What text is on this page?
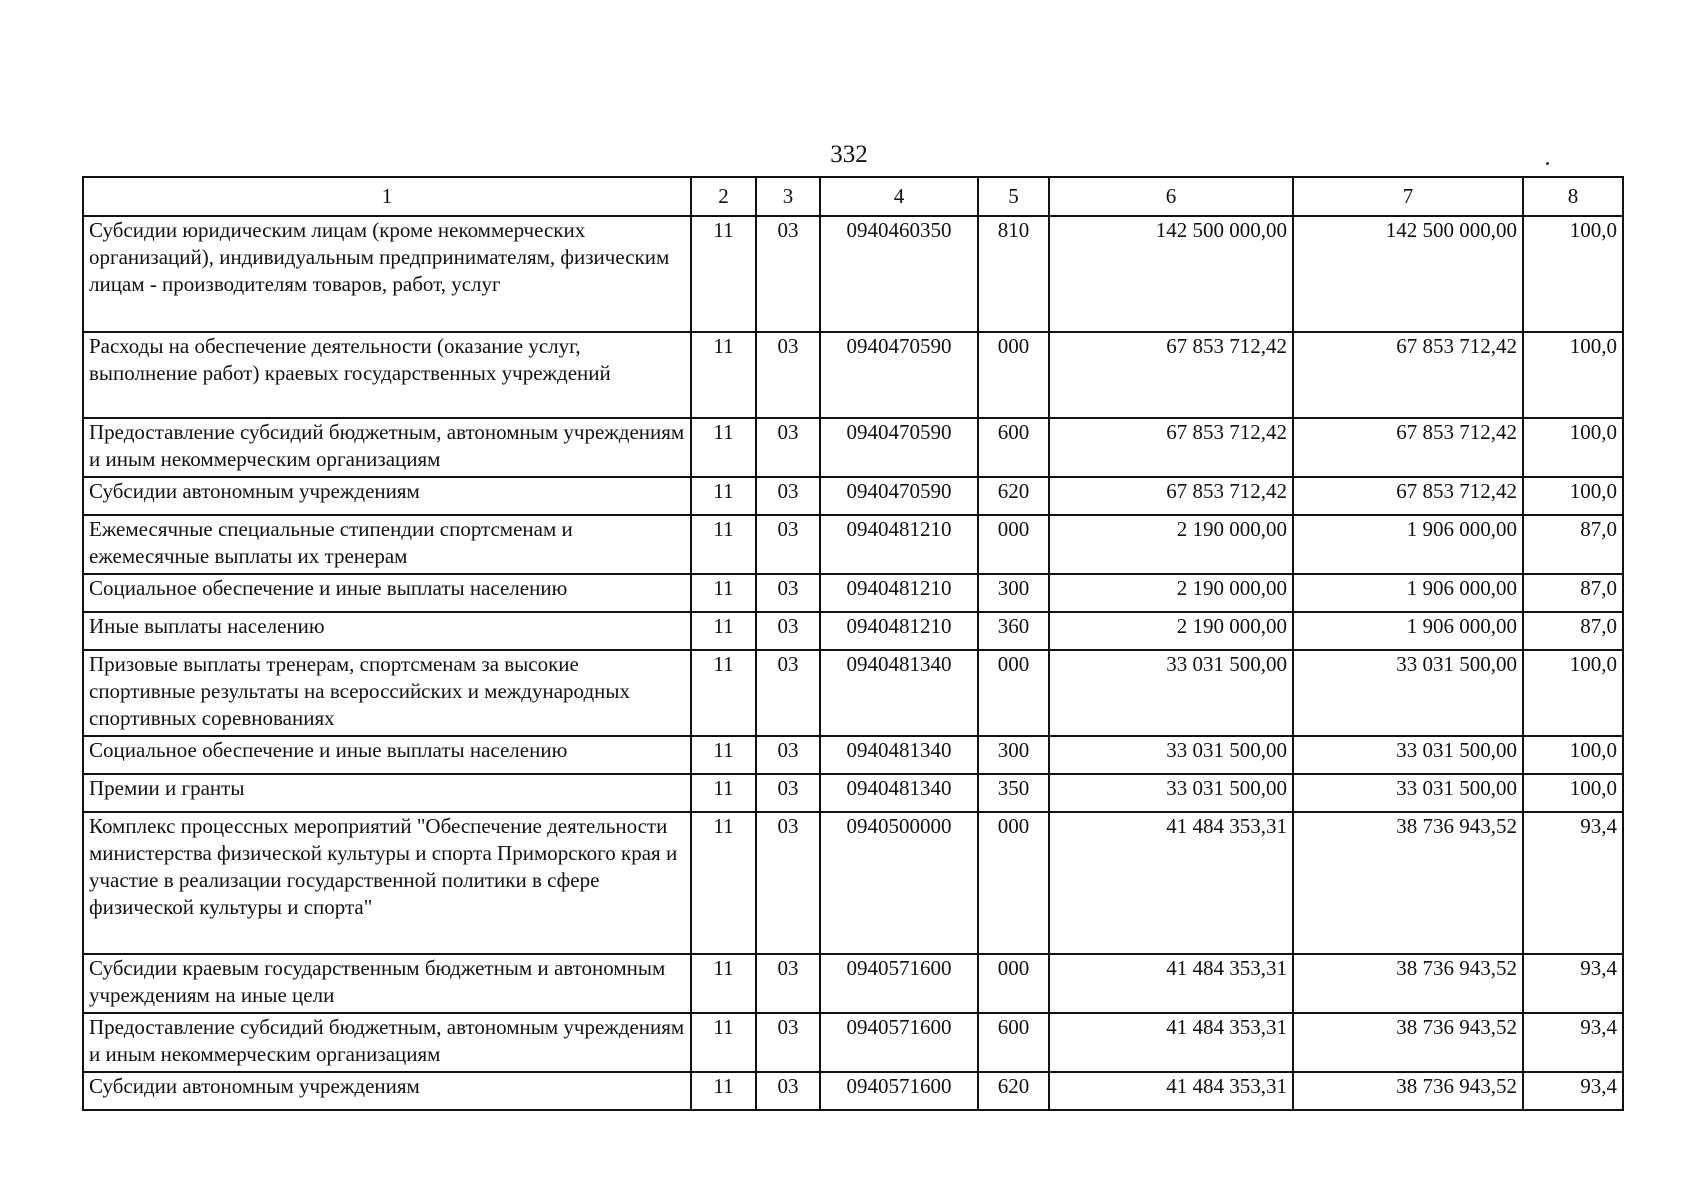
332
1	2	3	4	5	6	7	8
Субсидии юридическим лицам (кроме некоммерческих организаций), индивидуальным предпринимателям, физическим лицам - производителям товаров, работ, услуг	11	03	0940460350	810	142 500 000,00	142 500 000,00	100,0
Расходы на обеспечение деятельности (оказание услуг, выполнение работ) краевых государственных учреждений	11	03	0940470590	000	67 853 712,42	67 853 712,42	100,0
Предоставление субсидий бюджетным, автономным учреждениям и иным некоммерческим организациям	11	03	0940470590	600	67 853 712,42	67 853 712,42	100,0
Субсидии автономным учреждениям	11	03	0940470590	620	67 853 712,42	67 853 712,42	100,0
Ежемесячные специальные стипендии спортсменам и ежемесячные выплаты их тренерам	11	03	0940481210	000	2 190 000,00	1 906 000,00	87,0
Социальное обеспечение и иные выплаты населению	11	03	0940481210	300	2 190 000,00	1 906 000,00	87,0
Иные выплаты населению	11	03	0940481210	360	2 190 000,00	1 906 000,00	87,0
Призовые выплаты тренерам, спортсменам за высокие спортивные результаты на всероссийских и международных спортивных соревнованиях	11	03	0940481340	000	33 031 500,00	33 031 500,00	100,0
Социальное обеспечение и иные выплаты населению	11	03	0940481340	300	33 031 500,00	33 031 500,00	100,0
Премии и гранты	11	03	0940481340	350	33 031 500,00	33 031 500,00	100,0
Комплекс процессных мероприятий "Обеспечение деятельности министерства физической культуры и спорта Приморского края и участие в реализации государственной политики в сфере физической культуры и спорта"	11	03	0940500000	000	41 484 353,31	38 736 943,52	93,4
Субсидии краевым государственным бюджетным и автономным учреждениям на иные цели	11	03	0940571600	000	41 484 353,31	38 736 943,52	93,4
Предоставление субсидий бюджетным, автономным учреждениям и иным некоммерческим организациям	11	03	0940571600	600	41 484 353,31	38 736 943,52	93,4
Субсидии автономным учреждениям	11	03	0940571600	620	41 484 353,31	38 736 943,52	93,4
